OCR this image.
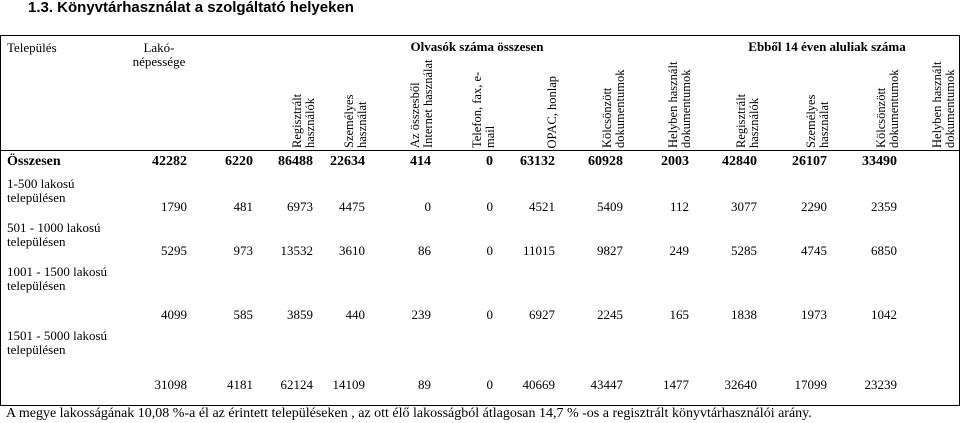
1.3. Könyvtárhasználat a szolgáltató helyeken
Település	Lakó-
népessége		Olvasók száma összesen							Ebből 14 éven aluliak száma			

			Regisztrált használók	Személyes használat	Az összesből Internet használat	Telefon, fax, e-mail	OPAC, honlap	Kölcsönzött dokumentumok	Helyben használt dokumentumok	Regisztrált használók	Személyes használat	Kölcsönzött dokumentumok	Helyben használt dokumentumok

Összesen	42282	6220	86488	22634	414	0	63132	60928	2003	42840	26107	33490	
1-500 lakosú településen	1790	481	6973	4475	0	0	4521	5409	112	3077	2290	2359	
501 - 1000 lakosú településen	5295	973	13532	3610	86	0	11015	9827	249	5285	4745	6850	
1001 - 1500 lakosú településen	4099	585	3859	440	239	0	6927	2245	165	1838	1973	1042	
1501 - 5000 lakosú településen	31098	4181	62124	14109	89	0	40669	43447	1477	32640	17099	23239	
A megye lakosságának 10,08 %-a él az érintett településeken , az ott élő lakosságból átlagosan 14,7 % -os a regisztrált könyvtárhasználói arány.
